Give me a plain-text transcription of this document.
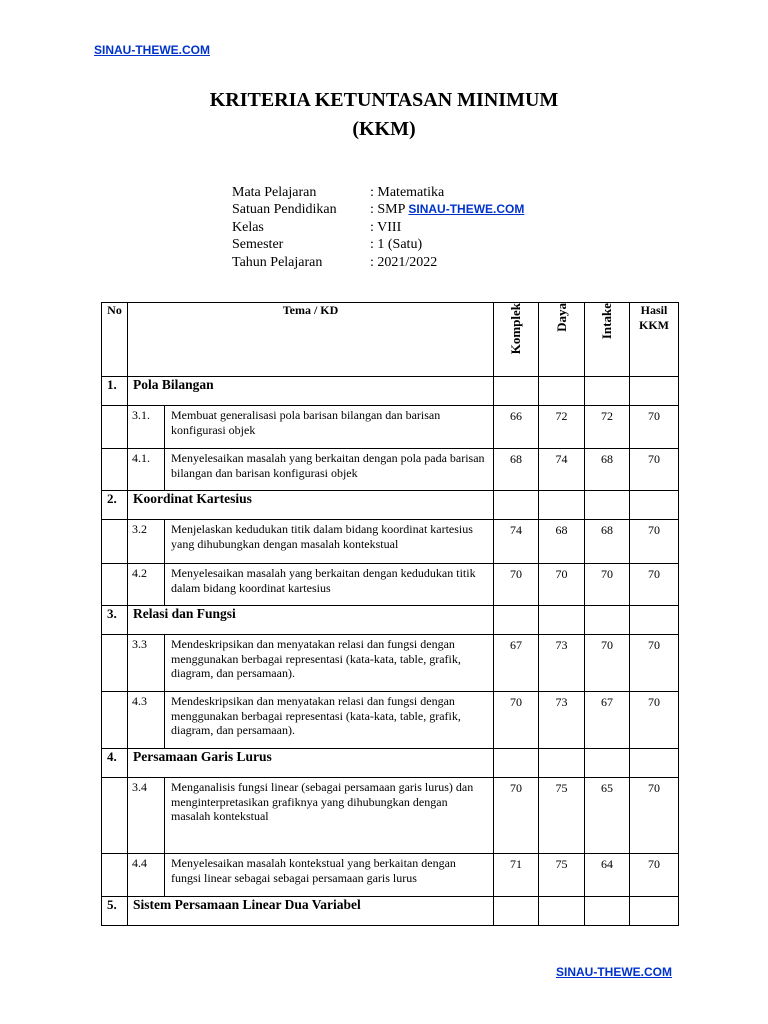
SINAU-THEWE.COM
KRITERIA KETUNTASAN MINIMUM
(KKM)
Mata Pelajaran	: Matematika
Satuan Pendidikan	: SMP SINAU-THEWE.COM
Kelas	: VIII
Semester	: 1 (Satu)
Tahun Pelajaran	: 2021/2022
No	Tema / KD		Komplek	Daya	Intake	Hasil
KKM
1.	Pola Bilangan					
	3.1.	Membuat generalisasi pola barisan bilangan dan barisan konfigurasi objek	66	72	72	70
	4.1.	Menyelesaikan masalah yang berkaitan dengan pola pada barisan bilangan dan barisan konfigurasi objek	68	74	68	70
2.	Koordinat Kartesius					
	3.2	Menjelaskan kedudukan titik dalam bidang koordinat kartesius yang dihubungkan dengan masalah kontekstual	74	68	68	70
	4.2	Menyelesaikan masalah yang berkaitan dengan kedudukan titik dalam bidang koordinat kartesius	70	70	70	70
3.	Relasi dan Fungsi					
	3.3	Mendeskripsikan dan menyatakan relasi dan fungsi dengan menggunakan berbagai representasi (kata-kata, table, grafik, diagram, dan persamaan).	67	73	70	70
	4.3	Mendeskripsikan dan menyatakan relasi dan fungsi dengan menggunakan berbagai representasi (kata-kata, table, grafik, diagram, dan persamaan).	70	73	67	70
4.	Persamaan Garis Lurus					
	3.4	Menganalisis fungsi linear (sebagai persamaan garis lurus) dan menginterpretasikan grafiknya yang dihubungkan dengan masalah kontekstual	70	75	65	70
	4.4	Menyelesaikan masalah kontekstual yang berkaitan dengan fungsi linear sebagai sebagai persamaan garis lurus	71	75	64	70
5.	Sistem Persamaan Linear Dua Variabel					
SINAU-THEWE.COM
